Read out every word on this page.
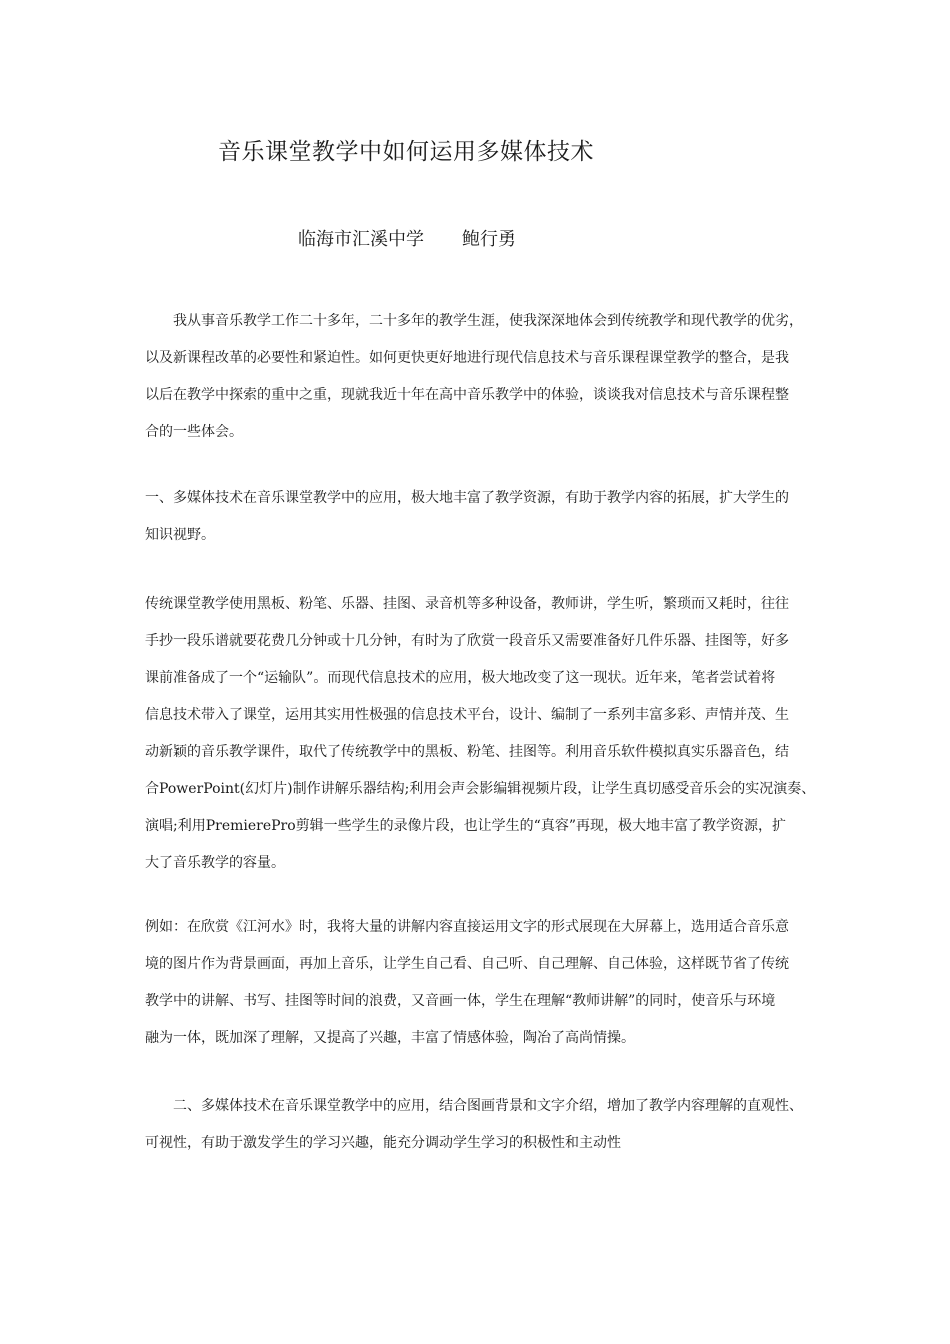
音乐课堂教学中如何运用多媒体技术

临海市汇溪中学 鲍行勇

我从事音乐教学工作二十多年，二十多年的教学生涯，使我深深地体会到传统教学和现代教学的优劣，
以及新课程改革的必要性和紧迫性。如何更快更好地进行现代信息技术与音乐课程课堂教学的整合，是我
以后在教学中探索的重中之重，现就我近十年在高中音乐教学中的体验，谈谈我对信息技术与音乐课程整
合的一些体会。

一、多媒体技术在音乐课堂教学中的应用，极大地丰富了教学资源，有助于教学内容的拓展，扩大学生的
知识视野。

传统课堂教学使用黑板、粉笔、乐器、挂图、录音机等多种设备，教师讲，学生听，繁琐而又耗时，往往
手抄一段乐谱就要花费几分钟或十几分钟，有时为了欣赏一段音乐又需要准备好几件乐器、挂图等，好多
课前准备成了一个“运输队”。而现代信息技术的应用，极大地改变了这一现状。近年来，笔者尝试着将
信息技术带入了课堂，运用其实用性极强的信息技术平台，设计、编制了一系列丰富多彩、声情并茂、生
动新颖的音乐教学课件，取代了传统教学中的黑板、粉笔、挂图等。利用音乐软件模拟真实乐器音色，结
合PowerPoint(幻灯片)制作讲解乐器结构;利用会声会影编辑视频片段，让学生真切感受音乐会的实况演奏、
演唱;利用PremierePro剪辑一些学生的录像片段，也让学生的“真容”再现，极大地丰富了教学资源，扩
大了音乐教学的容量。

例如：在欣赏《江河水》时，我将大量的讲解内容直接运用文字的形式展现在大屏幕上，选用适合音乐意
境的图片作为背景画面，再加上音乐，让学生自己看、自己听、自己理解、自己体验，这样既节省了传统
教学中的讲解、书写、挂图等时间的浪费，又音画一体，学生在理解“教师讲解”的同时，使音乐与环境
融为一体，既加深了理解，又提高了兴趣，丰富了情感体验，陶冶了高尚情操。

二、多媒体技术在音乐课堂教学中的应用，结合图画背景和文字介绍，增加了教学内容理解的直观性、
可视性，有助于激发学生的学习兴趣，能充分调动学生学习的积极性和主动性
